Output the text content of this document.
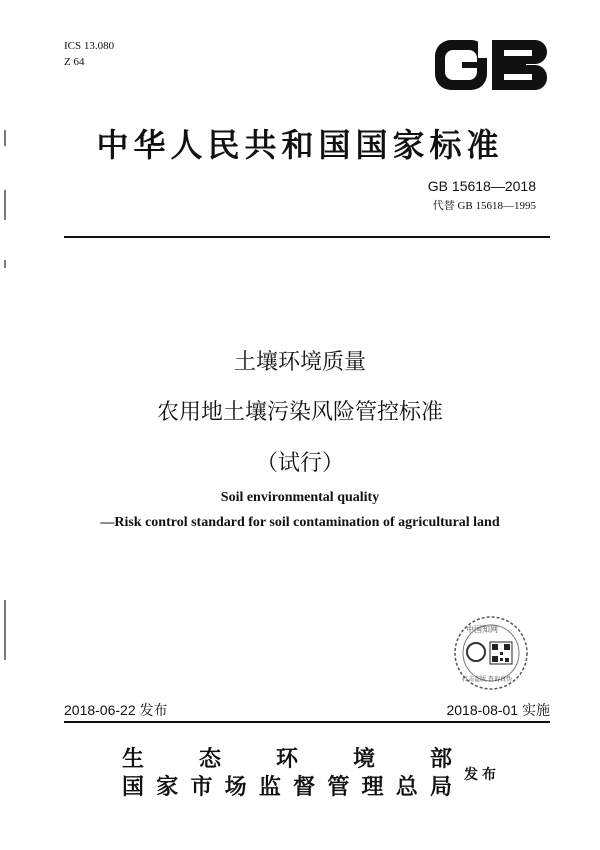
ICS 13.080
Z 64
中华人民共和国国家标准
GB 15618—2018
代替 GB 15618—1995
土壤环境质量
农用地土壤污染风险管控标准
（试行）
Soil environmental quality
—Risk control standard for soil contamination of agricultural land
中国知网
打击盗版 查询真伪
2018-06-22 发布	2018-08-01 实施
生 态 环 境 部
国 家 市 场 监 督 管 理 总 局 发布
